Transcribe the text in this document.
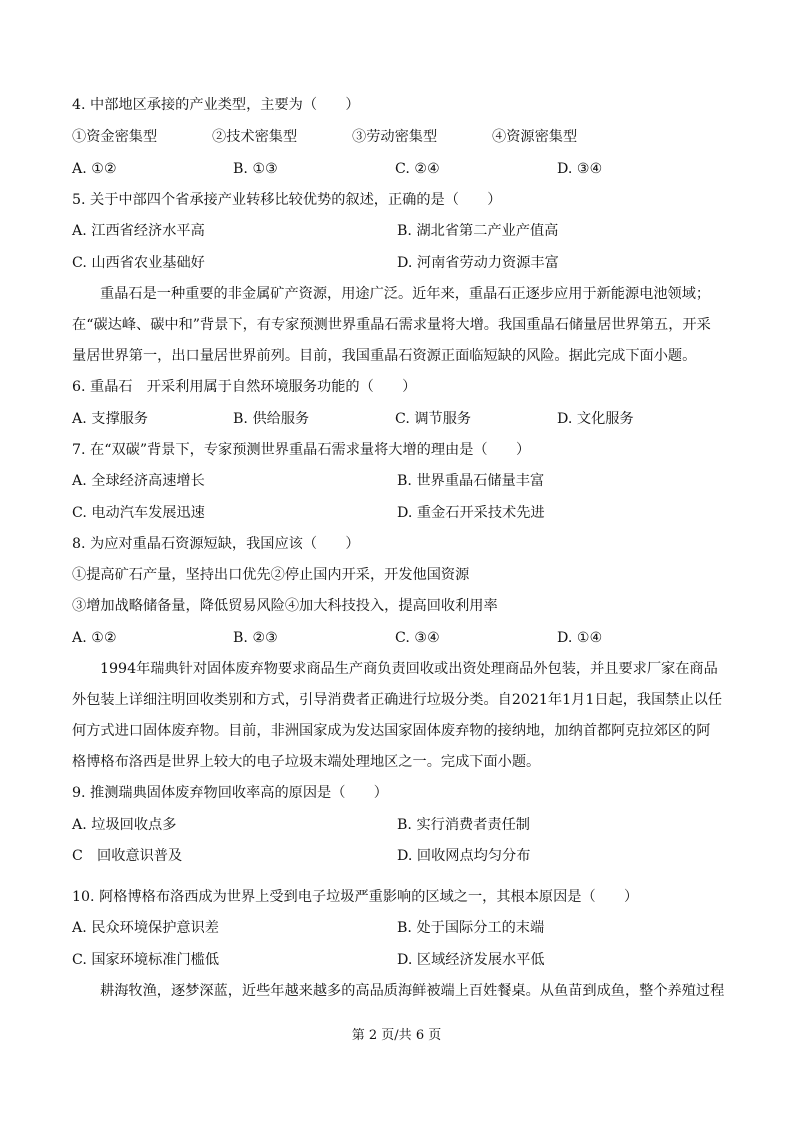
4. 中部地区承接的产业类型，主要为（　　）
①资金密集型	②技术密集型	③劳动密集型	④资源密集型
A. ①②	B. ①③	C. ②④	D. ③④
5. 关于中部四个省承接产业转移比较优势的叙述，正确的是（　　）
A. 江西省经济水平高	B. 湖北省第二产业产值高
C. 山西省农业基础好	D. 河南省劳动力资源丰富
重晶石是一种重要的非金属矿产资源，用途广泛。近年来，重晶石正逐步应用于新能源电池领域；在“碳达峰、碳中和”背景下，有专家预测世界重晶石需求量将大增。我国重晶石储量居世界第五，开采量居世界第一，出口量居世界前列。目前，我国重晶石资源正面临短缺的风险。据此完成下面小题。
6. 重晶石　开采利用属于自然环境服务功能的（　　）
A. 支撑服务	B. 供给服务	C. 调节服务	D. 文化服务
7. 在“双碳”背景下，专家预测世界重晶石需求量将大增的理由是（　　）
A. 全球经济高速增长	B. 世界重晶石储量丰富
C. 电动汽车发展迅速	D. 重金石开采技术先进
8. 为应对重晶石资源短缺，我国应该（　　）
①提高矿石产量，坚持出口优先②停止国内开采，开发他国资源
③增加战略储备量，降低贸易风险④加大科技投入，提高回收利用率
A. ①②	B. ②③	C. ③④	D. ①④
1994年瑞典针对固体废弃物要求商品生产商负责回收或出资处理商品外包装，并且要求厂家在商品外包装上详细注明回收类别和方式，引导消费者正确进行垃圾分类。自2021年1月1日起，我国禁止以任何方式进口固体废弃物。目前，非洲国家成为发达国家固体废弃物的接纳地，加纳首都阿克拉郊区的阿格博格布洛西是世界上较大的电子垃圾末端处理地区之一。完成下面小题。
9. 推测瑞典固体废弃物回收率高的原因是（　　）
A. 垃圾回收点多	B. 实行消费者责任制
C　回收意识普及	D. 回收网点均匀分布
10. 阿格博格布洛西成为世界上受到电子垃圾严重影响的区域之一，其根本原因是（　　）
A. 民众环境保护意识差	B. 处于国际分工的末端
C. 国家环境标准门槛低	D. 区域经济发展水平低
耕海牧渔，逐梦深蓝，近些年越来越多的高品质海鲜被端上百姓餐桌。从鱼苗到成鱼，整个养殖过程
第 2 页/共 6 页
